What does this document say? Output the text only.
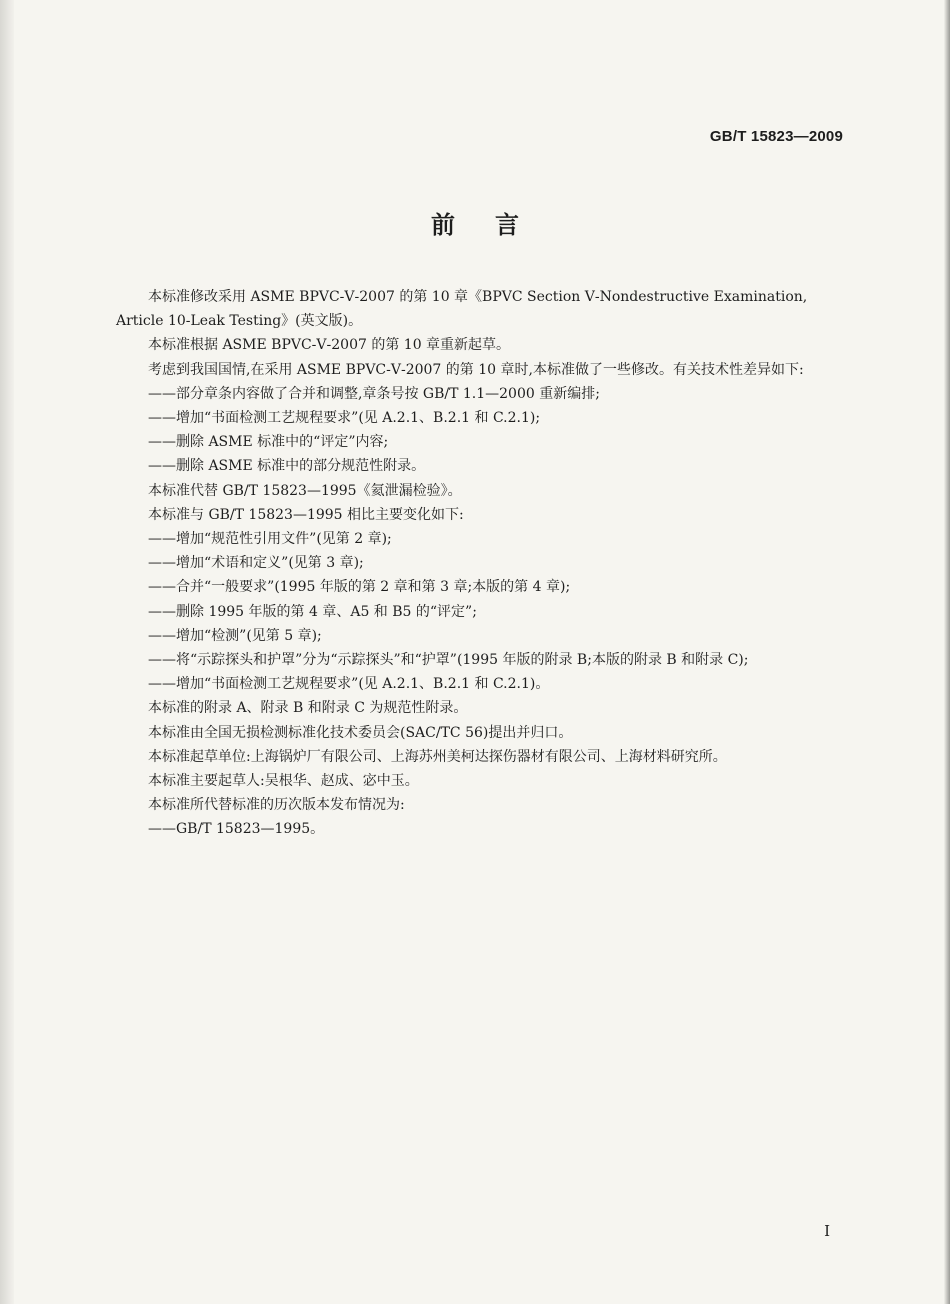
GB/T 15823—2009
前言

本标准修改采用 ASME BPVC-Ⅴ-2007 的第 10 章《BPVC Section Ⅴ-Nondestructive Examination, Article 10-Leak Testing》(英文版)。

本标准根据 ASME BPVC-Ⅴ-2007 的第 10 章重新起草。

考虑到我国国情,在采用 ASME BPVC-Ⅴ-2007 的第 10 章时,本标准做了一些修改。有关技术性差异如下:

——部分章条内容做了合并和调整,章条号按 GB/T 1.1—2000 重新编排;

——增加“书面检测工艺规程要求”(见 A.2.1、B.2.1 和 C.2.1);

——删除 ASME 标准中的“评定”内容;

——删除 ASME 标准中的部分规范性附录。

本标准代替 GB/T 15823—1995《氦泄漏检验》。

本标准与 GB/T 15823—1995 相比主要变化如下:

——增加“规范性引用文件”(见第 2 章);

——增加“术语和定义”(见第 3 章);

——合并“一般要求”(1995 年版的第 2 章和第 3 章;本版的第 4 章);

——删除 1995 年版的第 4 章、A5 和 B5 的“评定”;

——增加“检测”(见第 5 章);

——将“示踪探头和护罩”分为“示踪探头”和“护罩”(1995 年版的附录 B;本版的附录 B 和附录 C);

——增加“书面检测工艺规程要求”(见 A.2.1、B.2.1 和 C.2.1)。

本标准的附录 A、附录 B 和附录 C 为规范性附录。

本标准由全国无损检测标准化技术委员会(SAC/TC 56)提出并归口。

本标准起草单位:上海锅炉厂有限公司、上海苏州美柯达探伤器材有限公司、上海材料研究所。

本标准主要起草人:吴根华、赵成、宓中玉。

本标准所代替标准的历次版本发布情况为:

——GB/T 15823—1995。

I
